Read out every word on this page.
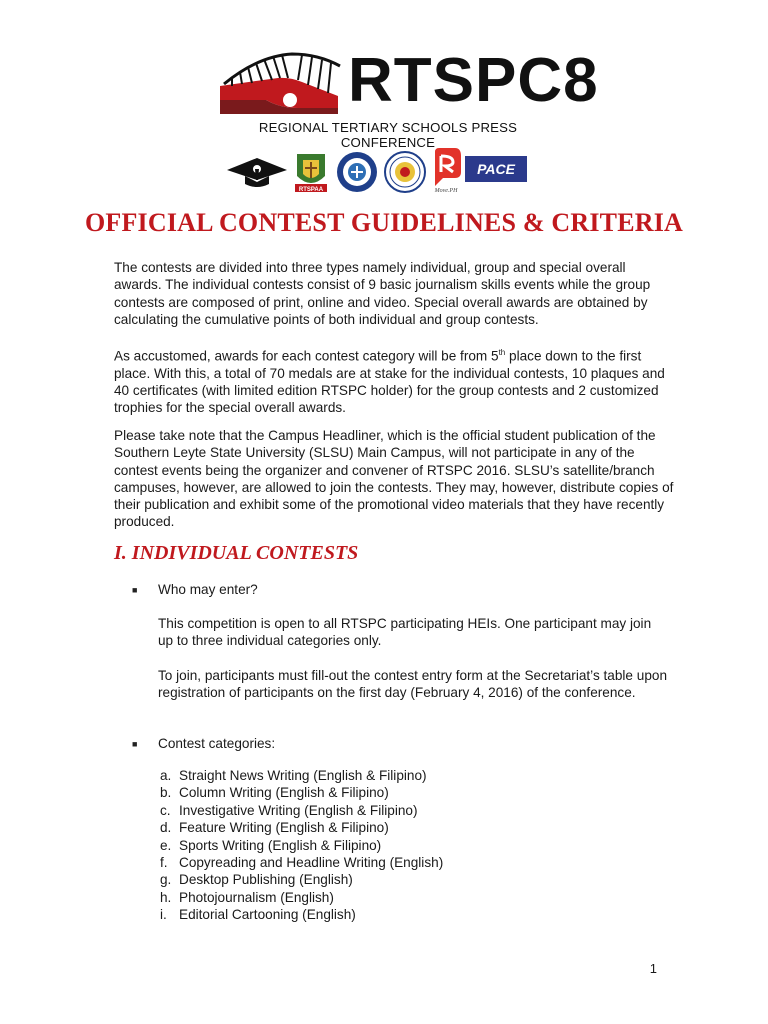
RTSPC8
REGIONAL TERTIARY SCHOOLS PRESS CONFERENCE
RTSPAA	Move.PH
PACE
OFFICIAL CONTEST GUIDELINES & CRITERIA

The contests are divided into three types namely individual, group and special overall awards. The individual contests consist of 9 basic journalism skills events while the group contests are composed of print, online and video. Special overall awards are obtained by calculating the cumulative points of both individual and group contests.

As accustomed, awards for each contest category will be from 5th place down to the first place. With this, a total of 70 medals are at stake for the individual contests, 10 plaques and 40 certificates (with limited edition RTSPC holder) for the group contests and 2 customized trophies for the special overall awards.

Please take note that the Campus Headliner, which is the official student publication of the Southern Leyte State University (SLSU) Main Campus, will not participate in any of the contest events being the organizer and convener of RTSPC 2016. SLSU’s satellite/branch campuses, however, are allowed to join the contests. They may, however, distribute copies of their publication and exhibit some of the promotional video materials that they have recently produced.

I. INDIVIDUAL CONTESTS
■ Who may enter?

This competition is open to all RTSPC participating HEIs. One participant may join up to three individual categories only.

To join, participants must fill-out the contest entry form at the Secretariat’s table upon registration of participants on the first day (February 4, 2016) of the conference.

■ Contest categories:
a. Straight News Writing (English & Filipino)
b. Column Writing (English & Filipino)
c. Investigative Writing (English & Filipino)
d. Feature Writing (English & Filipino)
e. Sports Writing (English & Filipino)
f. Copyreading and Headline Writing (English)
g. Desktop Publishing (English)
h. Photojournalism (English)
i. Editorial Cartooning (English)
1
